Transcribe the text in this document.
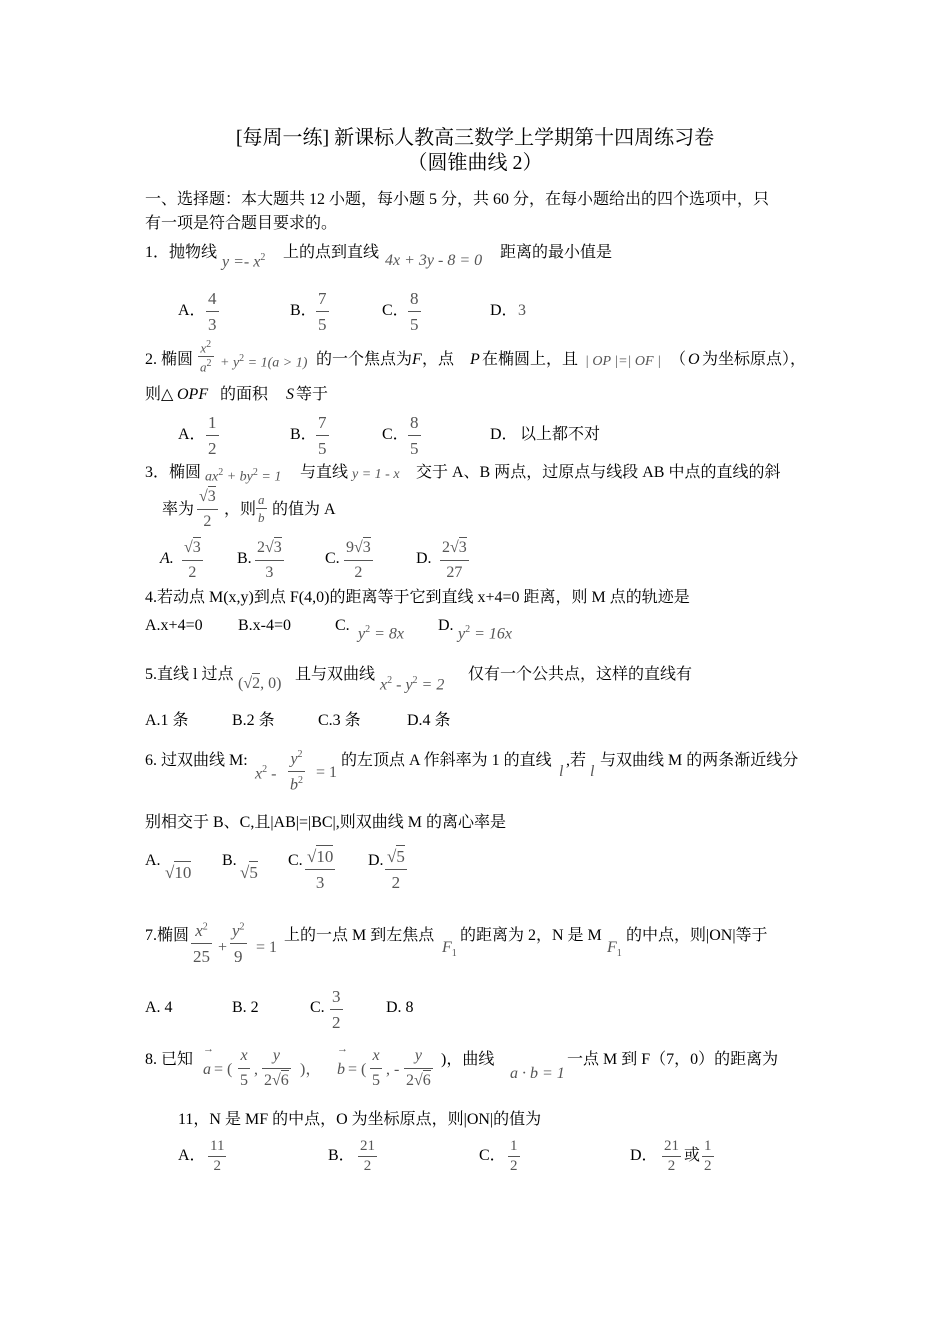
[每周一练] 新课标人教高三数学上学期第十四周练习卷
（圆锥曲线 2）
一、选择题：本大题共 12 小题，每小题 5 分，共 60 分，在每小题给出的四个选项中，只
有一项是符合题目要求的。
1．抛物线
$y =- x^2$ 上的点到直线 4x + 3y - 8 = 0 距离的最小值是
A．
4
3
B．
7
5
C．
8
5
D． 3
2. 椭圆
$x^2$
$a^2 + y^2 = 1(a > 1)$ 的一个焦点为 F ，点 P 在椭圆上，且 | OP |=| OF | （ O 为坐标原点），
则△ OPF 的面积 S 等于
A．
1
2
B．
7
5
C．
8
5
D． 以上都不对
3．椭圆 $ax^2 + by^2 = 1$ 与直线 y = 1 - x 交于 A、B 两点，过原点与线段 AB 中点的直线的斜
率为
√3
2
，则
a
b 的值为 A
A.
√3
2
B.
2√3
3
C.
9√3
2
D.
2√3
27
4.若动点 M(x,y)到点 F(4,0)的距离等于它到直线 x+4=0 距离，则 M 点的轨迹是
A.x+4=0 B.x-4=0	C. $y^2 = 8x$ D. $y^2 = 16x$
5.直线 l 过点
(√2, 0)
且与双曲线
$x^2 - y^2 = 2$
仅有一个公共点，这样的直线有
A.1 条	B.2 条	C.3 条	D.4 条
6. 过双曲线 M:
$x^2$ -
$y^2$
$b^2 = 1$
的左顶点 A 作斜率为 1 的直线
l
,若
l
与双曲线 M 的两条渐近线分
别相交于 B、C,且|AB|=|BC|,则双曲线 M 的离心率是
A.
√10
B.
√5
C. √10
3
D. √5
2
7.椭圆 $x^2$
25 +
$y^2$
9 = 1
上的一点 M 到左焦点
$F_1$
的距离为 2，N 是 M
$F_1$
的中点，则|ON|等于
A. 4	B. 2	C.
3
2
D. 8
8. 已知
→
a = (
x
5
,
y
2√6
)，
→
b = (
x
5
, -
y
2√6
)，曲线
a · b = 1
一点 M 到 F（7，0）的距离为
11，N 是 MF 的中点，O 为坐标原点，则|ON|的值为
A．
11
2
B．
21
2
C．
1
2
D．
21
2
或
1
2
